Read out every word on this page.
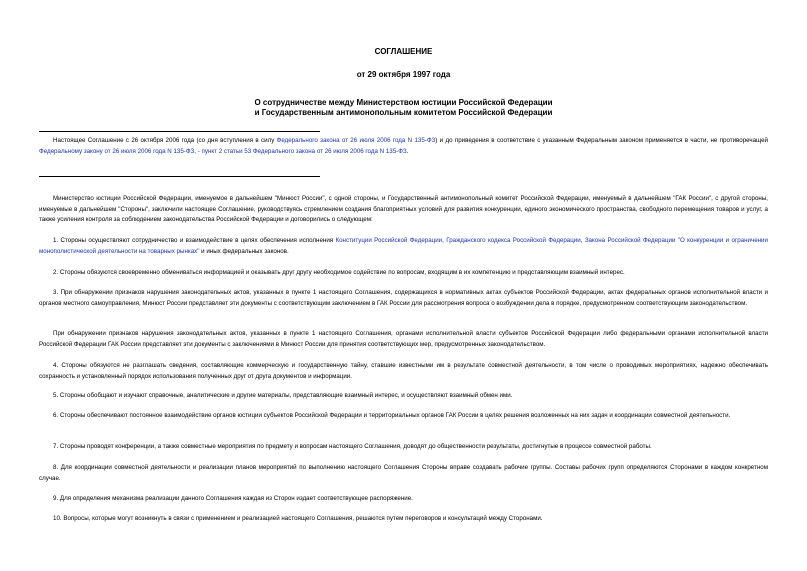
СОГЛАШЕНИЕ
от 29 октября 1997 года
О сотрудничестве между Министерством юстиции Российской Федерации
и Государственным антимонопольным комитетом Российской Федерации
Настоящее Соглашение с 26 октября 2006 года (со дня вступления в силу Федерального закона от 26 июля 2006 года N 135-ФЗ) и до приведения в соответствие с указанным Федеральным законом применяется в части, не противоречащей Федеральному закону от 26 июля 2006 года N 135-ФЗ, - пункт 2 статьи 53 Федерального закона от 26 июля 2006 года N 135-ФЗ.
Министерство юстиции Российской Федерации, именуемое в дальнейшем "Минюст России", с одной стороны, и Государственный антимонопольный комитет Российской Федерации, именуемый в дальнейшем "ГАК России", с другой стороны, именуемые в дальнейшем "Стороны", заключили настоящее Соглашение, руководствуясь стремлением создания благоприятных условий для развития конкуренции, единого экономического пространства, свободного перемещения товаров и услуг, а также усиления контроля за соблюдением законодательства Российской Федерации и договорились о следующем:
1. Стороны осуществляют сотрудничество и взаимодействие в целях обеспечения исполнения Конституции Российской Федерации, Гражданского кодекса Российской Федерации, Закона Российской Федерации "О конкуренции и ограничении монополистической деятельности на товарных рынках" и иных федеральных законов.
2. Стороны обязуются своевременно обмениваться информацией и оказывать друг другу необходимое содействие по вопросам, входящим в их компетенцию и представляющим взаимный интерес.
3. При обнаружении признаков нарушения законодательных актов, указанных в пункте 1 настоящего Соглашения, содержащихся в нормативных актах субъектов Российской Федерации, актах федеральных органов исполнительной власти и органов местного самоуправления, Минюст России представляет эти документы с соответствующим заключением в ГАК России для рассмотрения вопроса о возбуждении дела в порядке, предусмотренном соответствующим законодательством.
При обнаружении признаков нарушения законодательных актов, указанных в пункте 1 настоящего Соглашения, органами исполнительной власти субъектов Российской Федерации либо федеральными органами исполнительной власти Российской Федерации ГАК России представляет эти документы с заключениями в Минюст России для принятия соответствующих мер, предусмотренных законодательством.
4. Стороны обязуются не разглашать сведения, составляющие коммерческую и государственную тайну, ставшие известными им в результате совместной деятельности, в том числе о проводимых мероприятиях, надежно обеспечивать сохранность и установленный порядок использования полученных друг от друга документов и информации.
5. Стороны обобщают и изучают справочные, аналитические и другие материалы, представляющие взаимный интерес, и осуществляют взаимный обмен ими.
6. Стороны обеспечивают постоянное взаимодействие органов юстиции субъектов Российской Федерации и территориальных органов ГАК России в целях решения возложенных на них задач и координации совместной деятельности.
7. Стороны проводят конференции, а также совместные мероприятия по предмету и вопросам настоящего Соглашения, доводят до общественности результаты, достигнутые в процессе совместной работы.
8. Для координации совместной деятельности и реализации планов мероприятий по выполнению настоящего Соглашения Стороны вправе создавать рабочие группы. Составы рабочих групп определяются Сторонами в каждом конкретном случае.
9. Для определения механизма реализации данного Соглашения каждая из Сторон издает соответствующее распоряжение.
10. Вопросы, которые могут возникнуть в связи с применением и реализацией настоящего Соглашения, решаются путем переговоров и консультаций между Сторонами.
